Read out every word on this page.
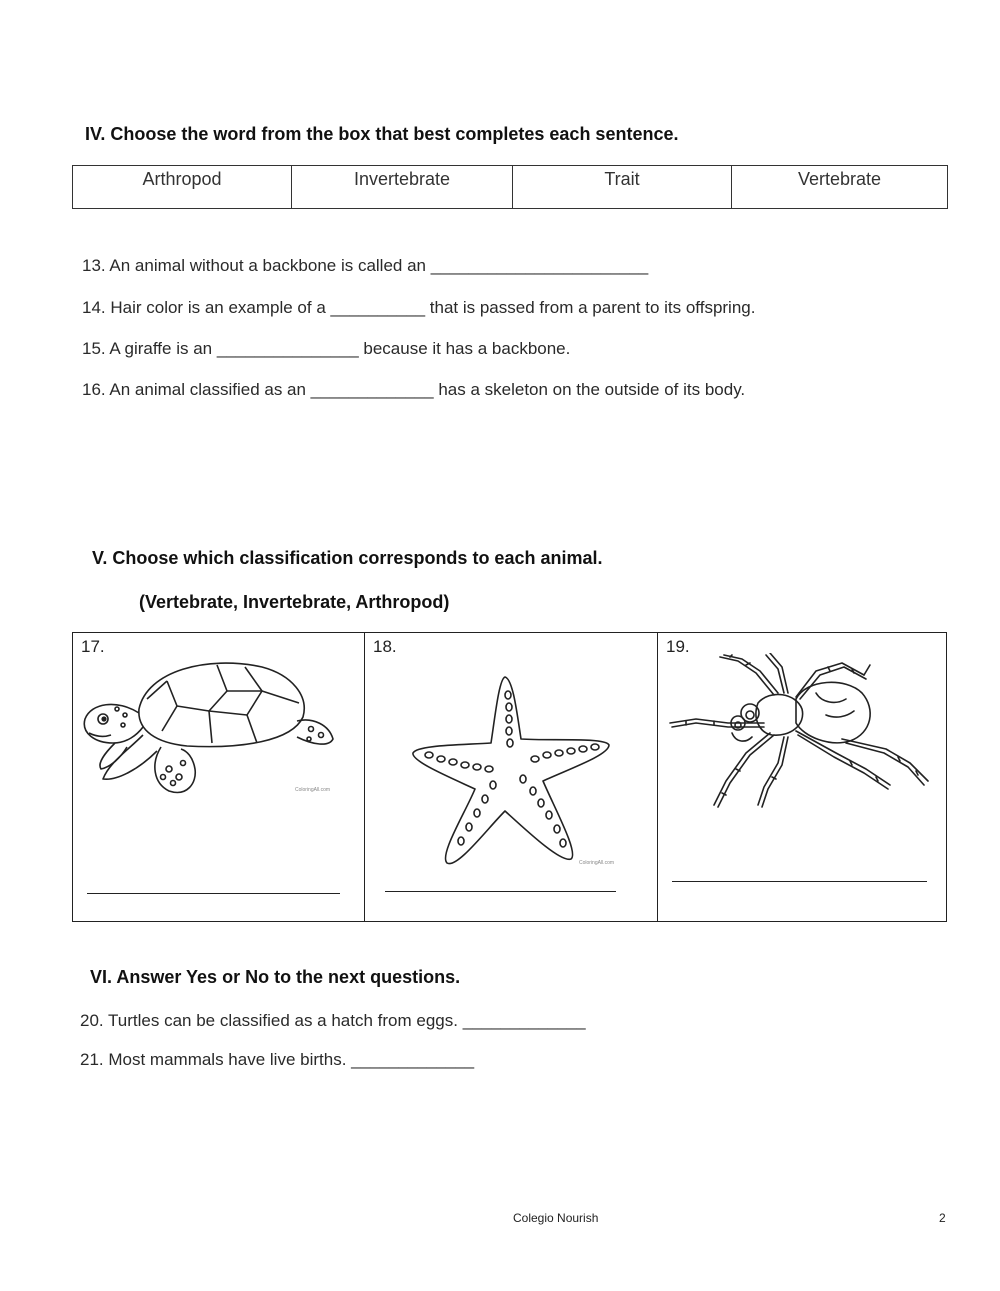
IV. Choose the word from the box that best completes each sentence.
Arthropod	Invertebrate	Trait	Vertebrate
13. An animal without a backbone is called an _______________________
14. Hair color is an example of a __________ that is passed from a parent to its offspring.
15. A giraffe is an _______________ because it has a backbone.
16. An animal classified as an _____________ has a skeleton on the outside of its body.
V. Choose which classification corresponds to each animal.
(Vertebrate, Invertebrate, Arthropod)
17.
ColoringAll.com
18.
ColoringAll.com
19.
VI. Answer Yes or No to the next questions.
20. Turtles can be classified as a hatch from eggs. _____________
21. Most mammals have live births. _____________
Colegio Nourish	2
